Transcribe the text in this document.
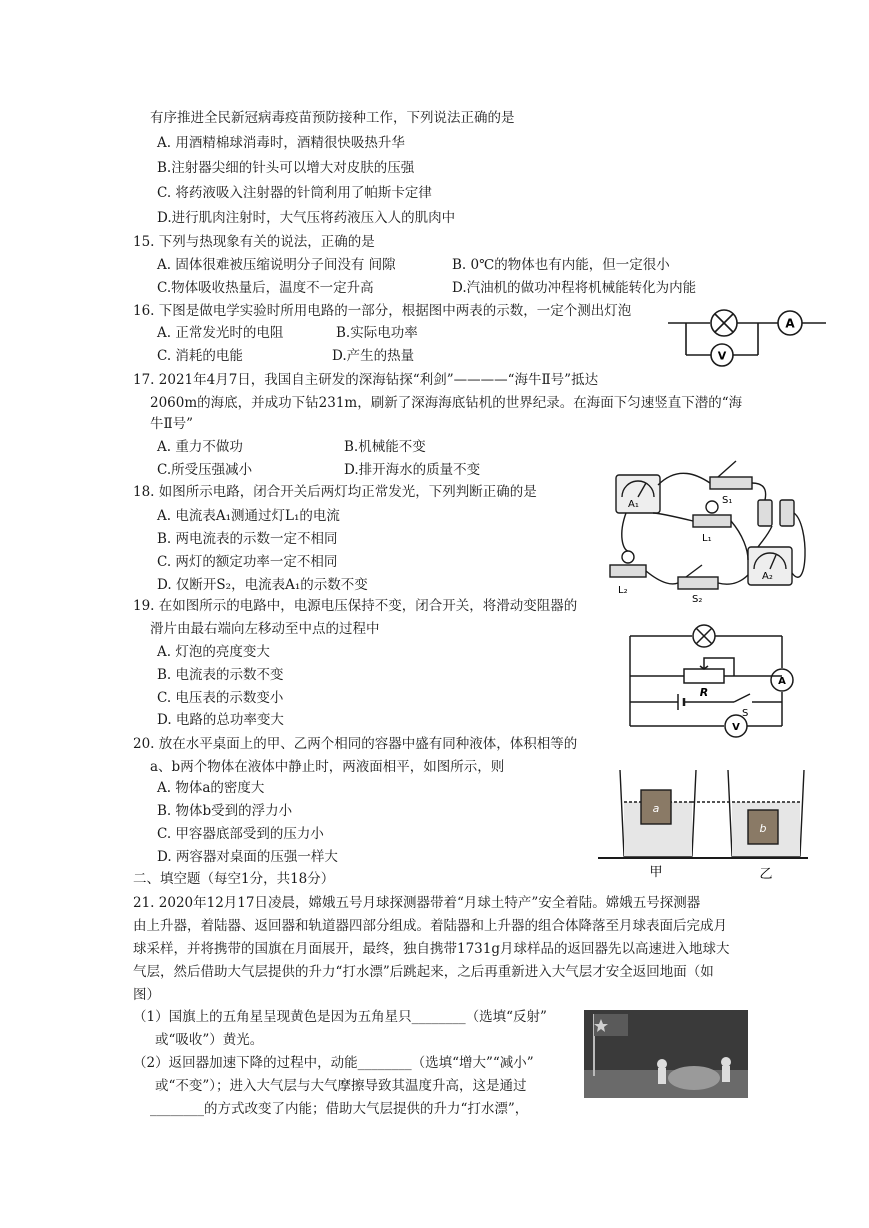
有序推进全民新冠病毒疫苗预防接种工作，下列说法正确的是
A. 用酒精棉球消毒时，酒精很快吸热升华
B.注射器尖细的针头可以增大对皮肤的压强
C. 将药液吸入注射器的针筒利用了帕斯卡定律
D.进行肌肉注射时，大气压将药液压入人的肌肉中
15. 下列与热现象有关的说法，正确的是
A. 固体很难被压缩说明分子间没有 间隙	B. 0℃的物体也有内能，但一定很小
C.物体吸收热量后，温度不一定升高	D.汽油机的做功冲程将机械能转化为内能
16. 下图是做电学实验时所用电路的一部分，根据图中两表的示数，一定个测出灯泡
A. 正常发光时的电阻	B.实际电功率
C. 消耗的电能	D.产生的热量
A
V
17. 2021年4月7日，我国自主研发的深海钻探“利剑”————“海牛Ⅱ号”抵达
2060m的海底，并成功下钻231m，刷新了深海海底钻机的世界纪录。在海面下匀速竖直下潜的“海
牛Ⅱ号”
A. 重力不做功	B.机械能不变
C.所受压强减小	D.排开海水的质量不变
18. 如图所示电路，闭合开关后两灯均正常发光，下列判断正确的是
A. 电流表A₁测通过灯L₁的电流
B. 两电流表的示数一定不相同
C. 两灯的额定功率一定不相同
D. 仅断开S₂，电流表A₁的示数不变
A₁	S₁
L₁
A₂
L₂
S₂
19. 在如图所示的电路中，电源电压保持不变，闭合开关，将滑动变阻器的
滑片由最右端向左移动至中点的过程中
A. 灯泡的亮度变大
B. 电流表的示数不变
C. 电压表的示数变小
D. 电路的总功率变大
R
S
A
V
20. 放在水平桌面上的甲、乙两个相同的容器中盛有同种液体，体积相等的
a、b两个物体在液体中静止时，两液面相平，如图所示，则
A. 物体a的密度大
B. 物体b受到的浮力小
C. 甲容器底部受到的压力小
D. 两容器对桌面的压强一样大
a
b
甲	乙
二、填空题（每空1分，共18分）
21. 2020年12月17日凌晨，嫦娥五号月球探测器带着“月球土特产”安全着陆。嫦娥五号探测器
由上升器，着陆器、返回器和轨道器四部分组成。着陆器和上升器的组合体降落至月球表面后完成月
球采样，并将携带的国旗在月面展开，最终，独自携带1731g月球样品的返回器先以高速进入地球大
气层，然后借助大气层提供的升力“打水漂”后跳起来，之后再重新进入大气层才安全返回地面（如
图）
（1）国旗上的五角星呈现黄色是因为五角星只________（选填“反射”
或“吸收”）黄光。
（2）返回器加速下降的过程中，动能________（选填“增大”“减小”
或“不变”）；进入大气层与大气摩擦导致其温度升高，这是通过
________的方式改变了内能；借助大气层提供的升力“打水漂”，
